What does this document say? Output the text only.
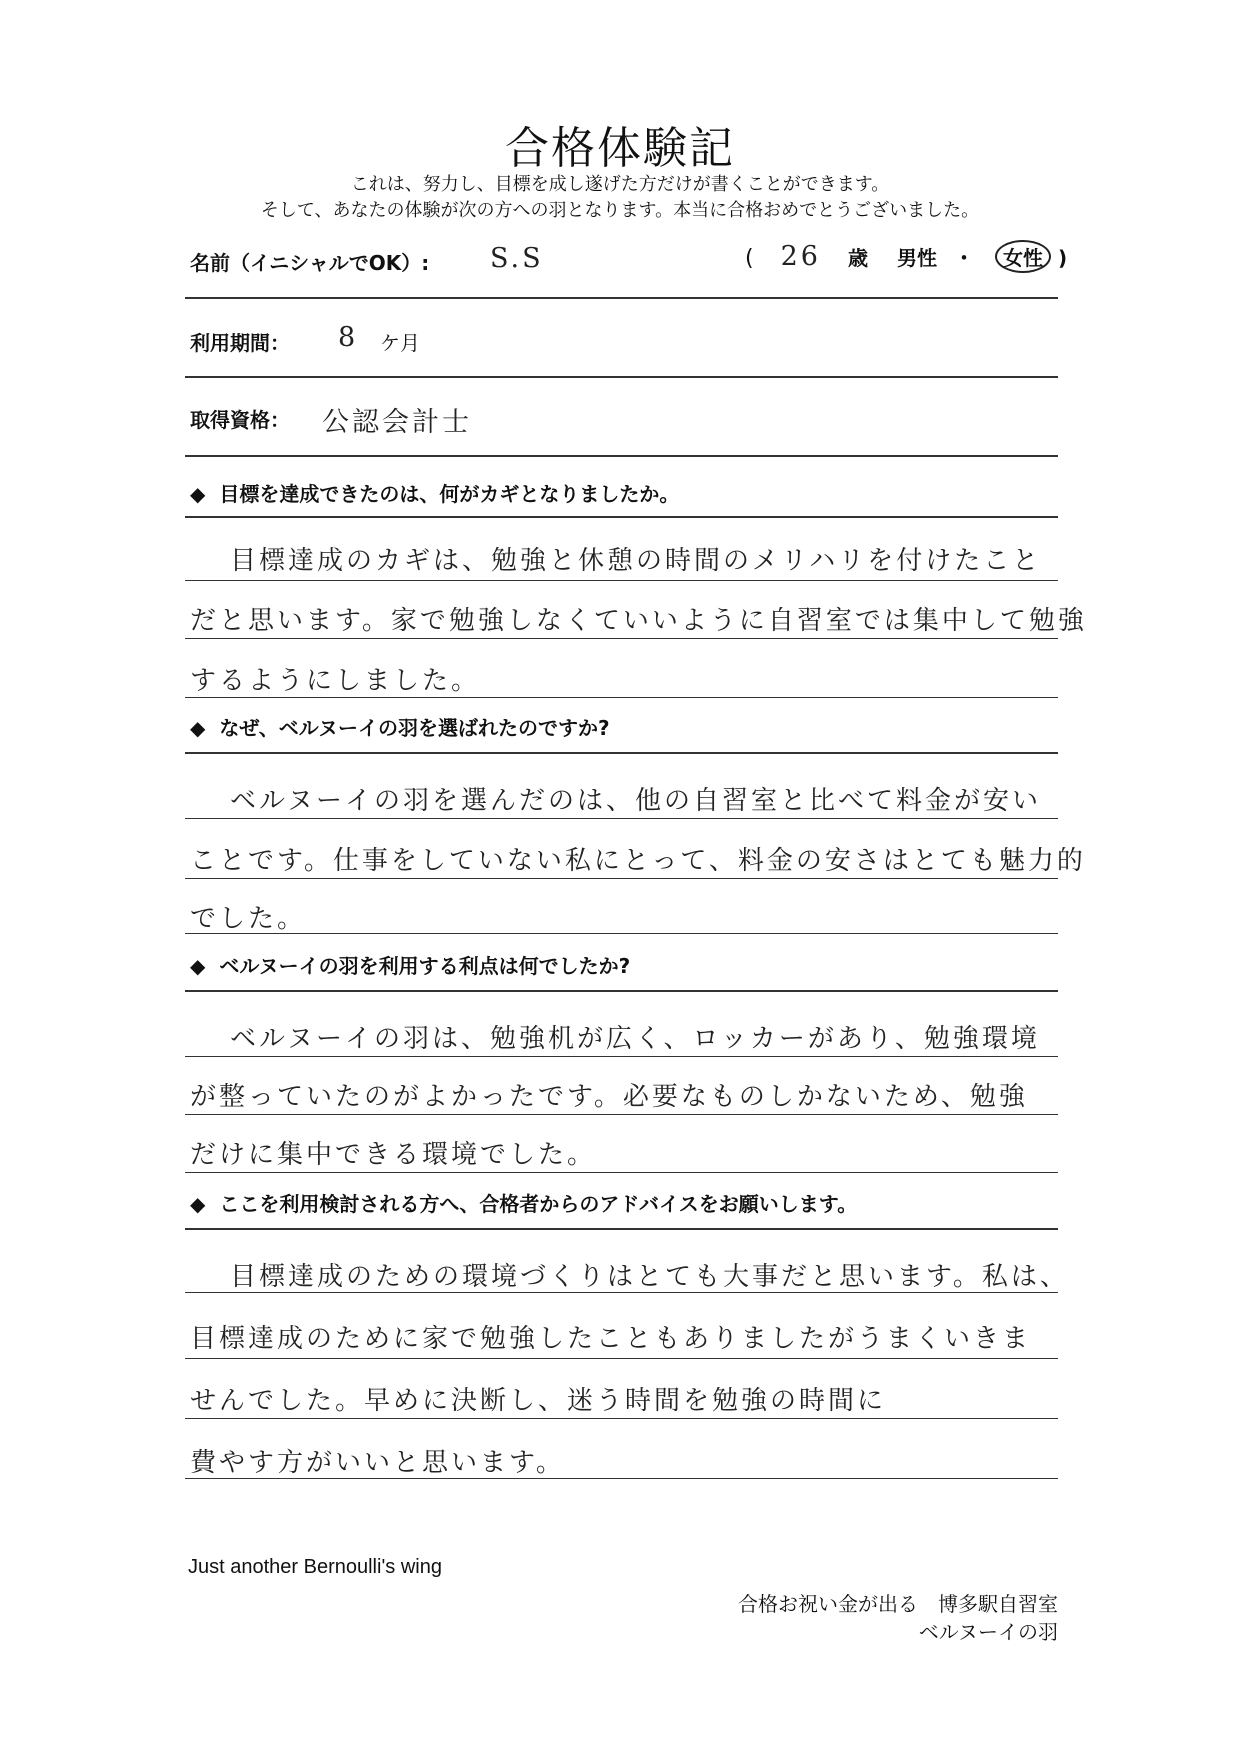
合格体験記
これは、努力し、目標を成し遂げた方だけが書くことができます。
そして、あなたの体験が次の方への羽となります。本当に合格おめでとうございました。
名前（イニシャルでOK）: S.S	( 26 歳 男性 ・ 女性 )
利用期間： 8 ケ月
取得資格： 公認会計士
◆ 目標を達成できたのは、何がカギとなりましたか。
目標達成のカギは、勉強と休憩の時間のメリハリを付けたこと
だと思います。家で勉強しなくていいように自習室では集中して勉強
するようにしました。
◆ なぜ、ベルヌーイの羽を選ばれたのですか?
ベルヌーイの羽を選んだのは、他の自習室と比べて料金が安い
ことです。仕事をしていない私にとって、料金の安さはとても魅力的
でした。
◆ ベルヌーイの羽を利用する利点は何でしたか?
ベルヌーイの羽は、勉強机が広く、ロッカーがあり、勉強環境
が整っていたのがよかったです。必要なものしかないため、勉強
だけに集中できる環境でした。
◆ ここを利用検討される方へ、合格者からのアドバイスをお願いします。
目標達成のための環境づくりはとても大事だと思います。私は、
目標達成のために家で勉強したこともありましたがうまくいきま
せんでした。早めに決断し、迷う時間を勉強の時間に
費やす方がいいと思います。
Just another Bernoulli's wing
合格お祝い金が出る　博多駅自習室
ベルヌーイの羽
